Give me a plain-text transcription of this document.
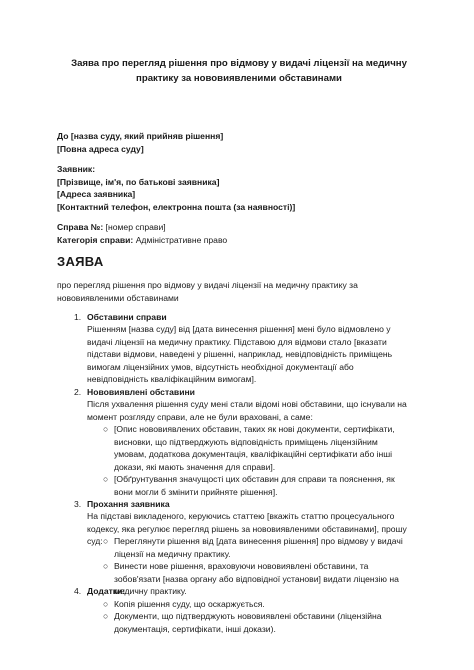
Заява про перегляд рішення про відмову у видачі ліцензії на медичну
практику за нововиявленими обставинами
До [назва суду, який прийняв рішення]
[Повна адреса суду]
Заявник:
[Прізвище, ім'я, по батькові заявника]
[Адреса заявника]
[Контактний телефон, електронна пошта (за наявності)]
Справа №: [номер справи]
Категорія справи: Адміністративне право
ЗАЯВА
про перегляд рішення про відмову у видачі ліцензії на медичну практику за
нововиявленими обставинами
1. Обставини справи
Рішенням [назва суду] від [дата винесення рішення] мені було відмовлено у
видачі ліцензії на медичну практику. Підставою для відмови стало [вказати
підстави відмови, наведені у рішенні, наприклад, невідповідність приміщень
вимогам ліцензійних умов, відсутність необхідної документації або
невідповідність кваліфікаційним вимогам].
2. Нововиявлені обставини
Після ухвалення рішення суду мені стали відомі нові обставини, що існували на
момент розгляду справи, але не були враховані, а саме:
○ [Опис нововиявлених обставин, таких як нові документи, сертифікати,
висновки, що підтверджують відповідність приміщень ліцензійним
умовам, додаткова документація, кваліфікаційні сертифікати або інші
докази, які мають значення для справи].
○ [Обґрунтування значущості цих обставин для справи та пояснення, як
вони могли б змінити прийняте рішення].
3. Прохання заявника
На підставі викладеного, керуючись статтею [вкажіть статтю процесуального
кодексу, яка регулює перегляд рішень за нововиявленими обставинами], прошу
суд: ○ Переглянути рішення від [дата винесення рішення] про відмову у видачі
ліцензії на медичну практику.
○ Винести нове рішення, враховуючи нововиявлені обставини, та
зобов'язати [назва органу або відповідної установи] видати ліцензію на
медичну практику.
4. Додатки:
○ Копія рішення суду, що оскаржується.
○ Документи, що підтверджують нововиявлені обставини (ліцензійна
документація, сертифікати, інші докази).
